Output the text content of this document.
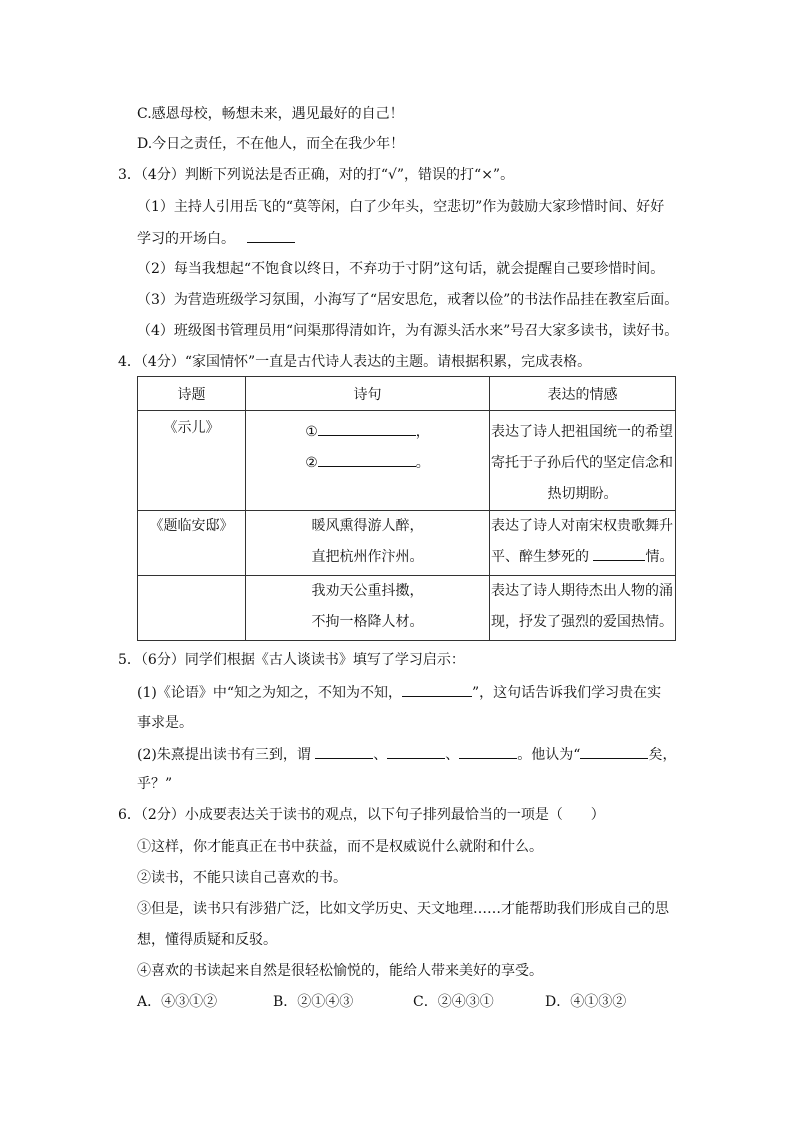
C.感恩母校，畅想未来，遇见最好的自己！
D.今日之责任，不在他人，而全在我少年！
3．（4分）判断下列说法是否正确，对的打“√”，错误的打“×”。
（1）主持人引用岳飞的“莫等闲，白了少年头，空悲切”作为鼓励大家珍惜时间、好好
学习的开场白。
（2）每当我想起“不饱食以终日，不弃功于寸阴”这句话，就会提醒自己要珍惜时间。
（3）为营造班级学习氛围，小海写了“居安思危，戒奢以俭”的书法作品挂在教室后面。
（4）班级图书管理员用“问渠那得清如许，为有源头活水来”号召大家多读书，读好书。
4．（4分）“家国情怀”一直是古代诗人表达的主题。请根据积累，完成表格。
诗题	诗句	表达的情感
《示儿》	① ，
② 。	表达了诗人把祖国统一的希望
寄托于子孙后代的坚定信念和
热切期盼。

《题临安邸》	暖风熏得游人醉，
直把杭州作汴州。	表达了诗人对南宋权贵歌舞升
平、醉生梦死的 情。

	我劝天公重抖擞，
不拘一格降人材。	表达了诗人期待杰出人物的涌
现，抒发了强烈的爱国热情。
5．（6分）同学们根据《古人谈读书》填写了学习启示：
(1)《论语》中“知之为知之，不知为不知，	”，这句话告诉我们学习贵在实
事求是。
(2)朱熹提出读书有三到，谓	、	、	。他认为“	矣，
乎？”
6．（2分）小成要表达关于读书的观点，以下句子排列最恰当的一项是（　　）
①这样，你才能真正在书中获益，而不是权威说什么就附和什么。
②读书，不能只读自己喜欢的书。
③但是，读书只有涉猎广泛，比如文学历史、天文地理……才能帮助我们形成自己的思
想，懂得质疑和反驳。
④喜欢的书读起来自然是很轻松愉悦的，能给人带来美好的享受。
A．④③①②	B．②①④③	C．②④③①	D．④①③②
